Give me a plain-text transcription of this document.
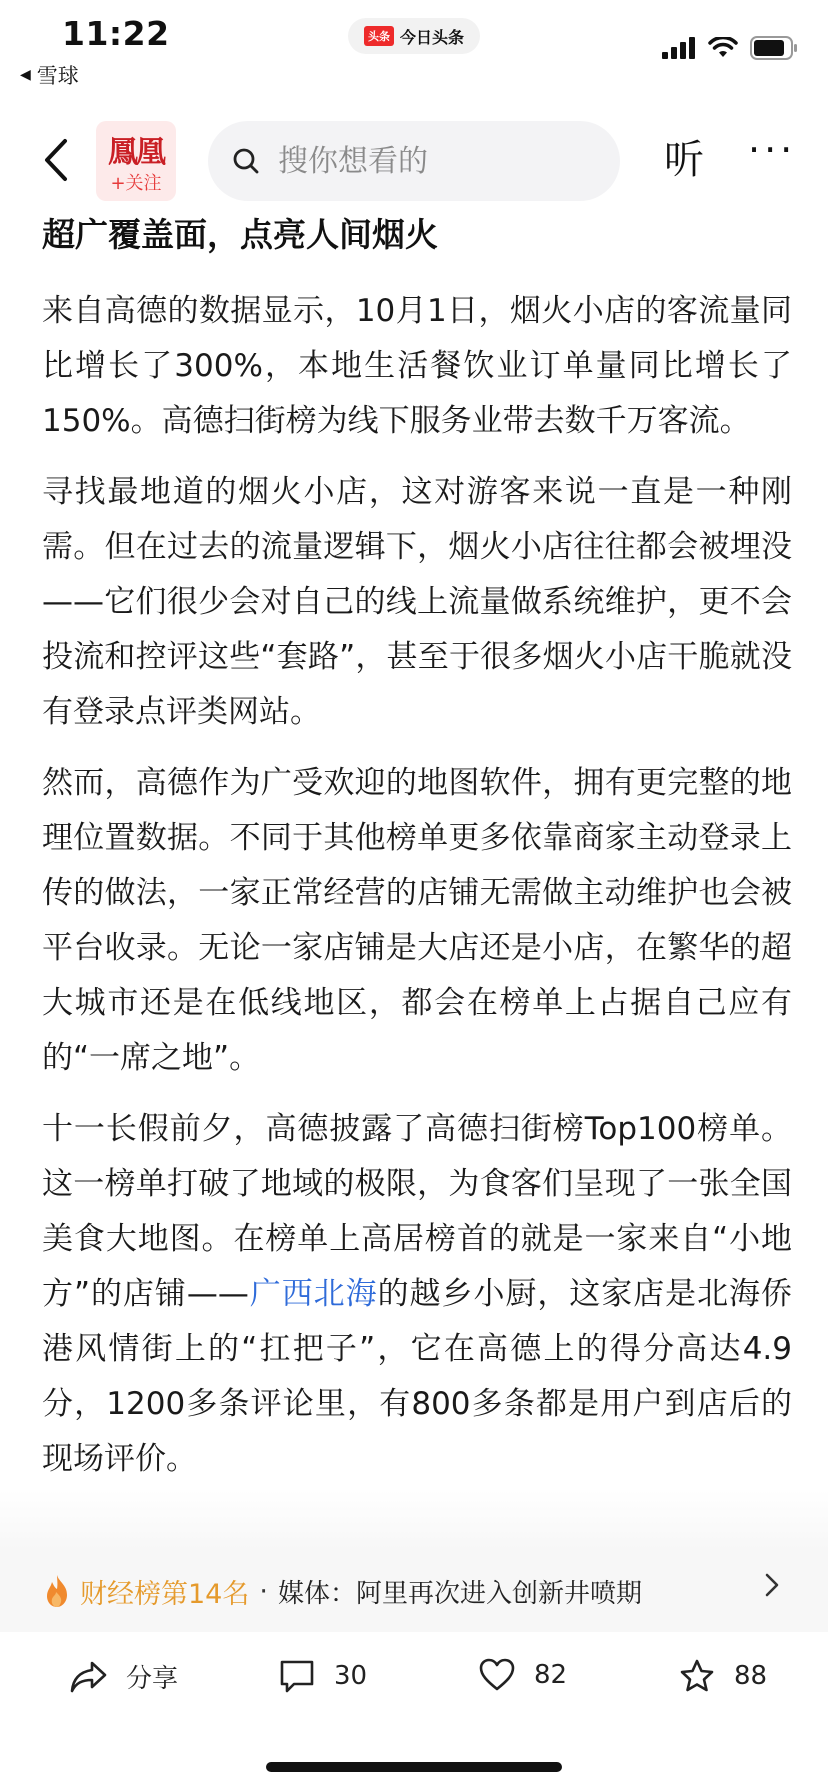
11:22
◀ 雪球
头条 今日头条
鳳凰
+关注
搜你想看的
听 ···
超广覆盖面，点亮人间烟火

来自高德的数据显示，10月1日，烟火小店的客流量同比增长了300%，本地生活餐饮业订单量同比增长了150%。高德扫街榜为线下服务业带去数千万客流。

寻找最地道的烟火小店，这对游客来说一直是一种刚需。但在过去的流量逻辑下，烟火小店往往都会被埋没——它们很少会对自己的线上流量做系统维护，更不会投流和控评这些“套路”，甚至于很多烟火小店干脆就没有登录点评类网站。

然而，高德作为广受欢迎的地图软件，拥有更完整的地理位置数据。不同于其他榜单更多依靠商家主动登录上传的做法，一家正常经营的店铺无需做主动维护也会被平台收录。无论一家店铺是大店还是小店，在繁华的超大城市还是在低线地区，都会在榜单上占据自己应有的“一席之地”。

十一长假前夕，高德披露了高德扫街榜Top100榜单。这一榜单打破了地域的极限，为食客们呈现了一张全国美食大地图。在榜单上高居榜首的就是一家来自“小地方”的店铺——广西北海的越乡小厨，这家店是北海侨港风情街上的“扛把子”，它在高德上的得分高达4.9分，1200多条评论里，有800多条都是用户到店后的现场评价。

财经榜第14名 · 媒体：阿里再次进入创新井喷期
分享	30	82	88
